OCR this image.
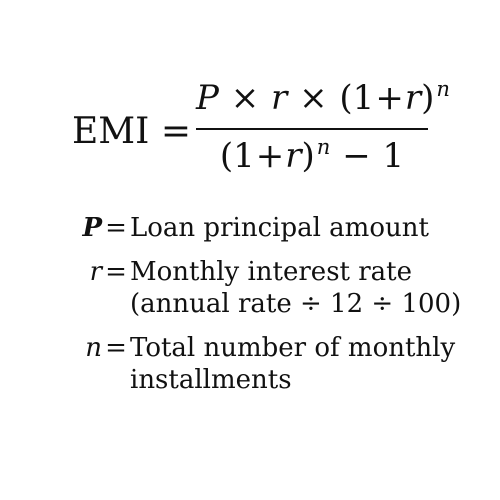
EMI =
$P \times r \times (1+r)^n$
$(1+r)^n - 1$
P = Loan principal amount
r = Monthly interest rate
(annual rate ÷ 12 ÷ 100)
n = Total number of monthly
installments
